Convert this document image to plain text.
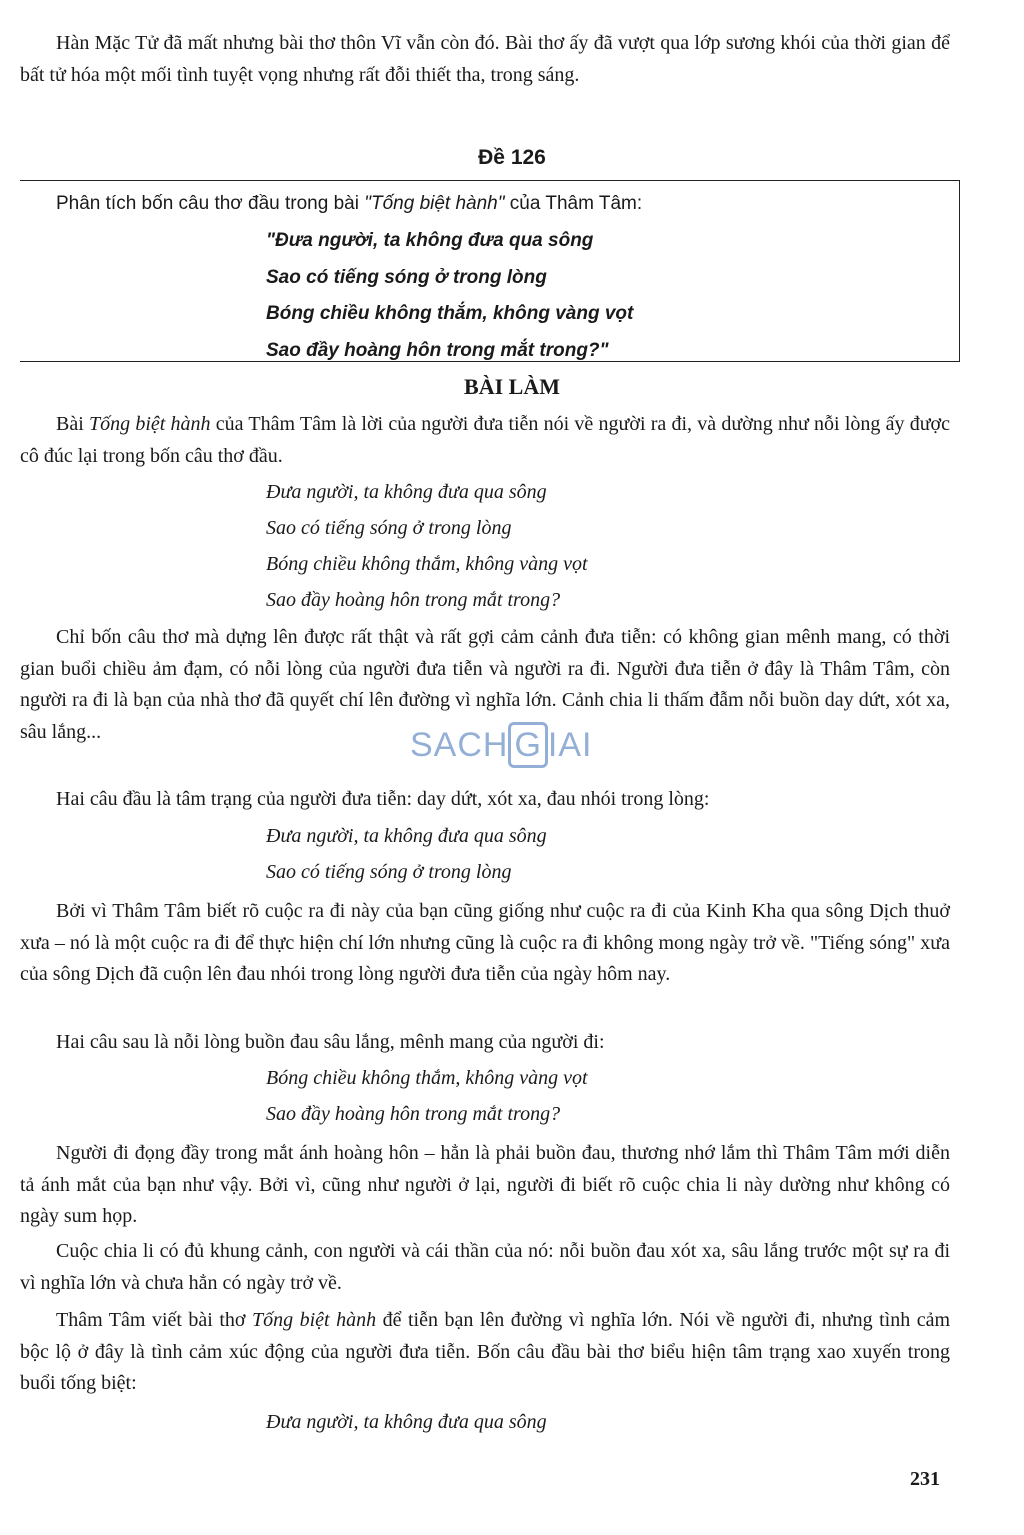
Hàn Mặc Tử đã mất nhưng bài thơ thôn Vĩ vẫn còn đó. Bài thơ ấy đã vượt qua lớp sương khói của thời gian để bất tử hóa một mối tình tuyệt vọng nhưng rất đỗi thiết tha, trong sáng.

Đề 126

Phân tích bốn câu thơ đầu trong bài "Tống biệt hành" của Thâm Tâm:

"Đưa người, ta không đưa qua sông
Sao có tiếng sóng ở trong lòng
Bóng chiều không thắm, không vàng vọt
Sao đầy hoàng hôn trong mắt trong?"
BÀI LÀM

Bài Tống biệt hành của Thâm Tâm là lời của người đưa tiễn nói về người ra đi, và dường như nỗi lòng ấy được cô đúc lại trong bốn câu thơ đầu.

Đưa người, ta không đưa qua sông
Sao có tiếng sóng ở trong lòng
Bóng chiều không thắm, không vàng vọt
Sao đầy hoàng hôn trong mắt trong?

Chỉ bốn câu thơ mà dựng lên được rất thật và rất gợi cảm cảnh đưa tiễn: có không gian mênh mang, có thời gian buổi chiều ảm đạm, có nỗi lòng của người đưa tiễn và người ra đi. Người đưa tiễn ở đây là Thâm Tâm, còn người ra đi là bạn của nhà thơ đã quyết chí lên đường vì nghĩa lớn. Cảnh chia li thấm đẫm nỗi buồn day dứt, xót xa, sâu lắng...

Hai câu đầu là tâm trạng của người đưa tiễn: day dứt, xót xa, đau nhói trong lòng:

Đưa người, ta không đưa qua sông
Sao có tiếng sóng ở trong lòng

Bởi vì Thâm Tâm biết rõ cuộc ra đi này của bạn cũng giống như cuộc ra đi của Kinh Kha qua sông Dịch thuở xưa – nó là một cuộc ra đi để thực hiện chí lớn nhưng cũng là cuộc ra đi không mong ngày trở về. "Tiếng sóng" xưa của sông Dịch đã cuộn lên đau nhói trong lòng người đưa tiễn của ngày hôm nay.

Hai câu sau là nỗi lòng buồn đau sâu lắng, mênh mang của người đi:

Bóng chiều không thắm, không vàng vọt
Sao đầy hoàng hôn trong mắt trong?

Người đi đọng đầy trong mắt ánh hoàng hôn – hẳn là phải buồn đau, thương nhớ lắm thì Thâm Tâm mới diễn tả ánh mắt của bạn như vậy. Bởi vì, cũng như người ở lại, người đi biết rõ cuộc chia li này dường như không có ngày sum họp.

Cuộc chia li có đủ khung cảnh, con người và cái thần của nó: nỗi buồn đau xót xa, sâu lắng trước một sự ra đi vì nghĩa lớn và chưa hẳn có ngày trở về.

Thâm Tâm viết bài thơ Tống biệt hành để tiễn bạn lên đường vì nghĩa lớn. Nói về người đi, nhưng tình cảm bộc lộ ở đây là tình cảm xúc động của người đưa tiễn. Bốn câu đầu bài thơ biểu hiện tâm trạng xao xuyến trong buổi tống biệt:

Đưa người, ta không đưa qua sông
SACH G IAI

231
